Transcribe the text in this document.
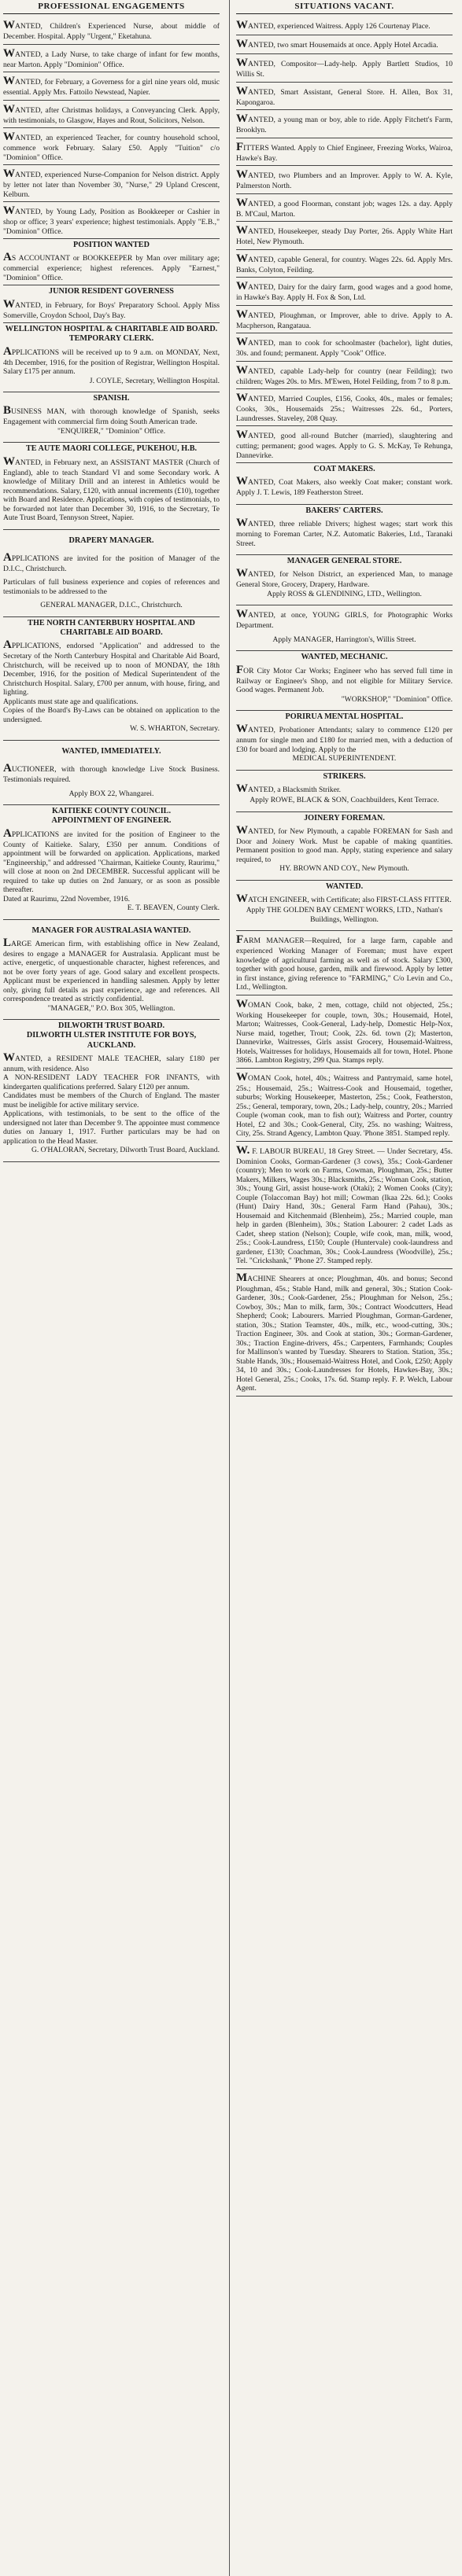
PROFESSIONAL ENGAGEMENTS

WANTED, Children's Experienced Nurse, about middle of December. Hospital. Apply "Urgent," Eketahuna.

WANTED, a Lady Nurse, to take charge of infant for few months, near Marton. Apply "Dominion" Office.

WANTED, for February, a Governess for a girl nine years old, music essential. Apply Mrs. Fattoilo Newstead, Napier.

WANTED, after Christmas holidays, a Conveyancing Clerk. Apply, with testimonials, to Glasgow, Hayes and Rout, Solicitors, Nelson.

WANTED, an experienced Teacher, for country household school, commence work February. Salary £50. Apply "Tuition" c/o "Dominion" Office.

WANTED, experienced Nurse-Companion for Nelson district. Apply by letter not later than November 30, "Nurse," 29 Upland Crescent, Kelburn.

WANTED, by Young Lady, Position as Bookkeeper or Cashier in shop or office; 3 years' experience; highest testimonials. Apply "E.B.," "Dominion" Office.

POSITION WANTED

AS ACCOUNTANT or BOOKKEEPER by Man over military age; commercial experience; highest references. Apply "Earnest," "Dominion" Office.

JUNIOR RESIDENT GOVERNESS

WANTED, in February, for Boys' Preparatory School. Apply Miss Somerville, Croydon School, Day's Bay.

WELLINGTON HOSPITAL & CHARITABLE AID BOARD.

TEMPORARY CLERK.

APPLICATIONS will be received up to 9 a.m. on MONDAY, Next, 4th December, 1916, for the position of Registrar, Wellington Hospital. Salary £175 per annum.

J. COYLE, Secretary, Wellington Hospital.

SPANISH.

BUSINESS MAN, with thorough knowledge of Spanish, seeks Engagement with commercial firm doing South American trade.

"ENQUIRER," "Dominion" Office.

TE AUTE MAORI COLLEGE, PUKEHOU, H.B.

WANTED, in February next, an ASSISTANT MASTER (Church of England), able to teach Standard VI and some Secondary work. A knowledge of Military Drill and an interest in Athletics would be recommendations. Salary, £120, with annual increments (£10), together with Board and Residence. Applications, with copies of testimonials, to be forwarded not later than December 30, 1916, to the Secretary, Te Aute Trust Board, Tennyson Street, Napier.

DRAPERY MANAGER.

APPLICATIONS are invited for the position of Manager of the D.I.C., Christchurch.

Particulars of full business experience and copies of references and testimonials to be addressed to the

GENERAL MANAGER, D.I.C., Christchurch.

THE NORTH CANTERBURY HOSPITAL AND CHARITABLE AID BOARD.

APPLICATIONS, endorsed "Application" and addressed to the Secretary of the North Canterbury Hospital and Charitable Aid Board, Christchurch, will be received up to noon of MONDAY, the 18th December, 1916, for the position of Medical Superintendent of the Christchurch Hospital. Salary, £700 per annum, with house, firing, and lighting.

Applicants must state age and qualifications.

Copies of the Board's By-Laws can be obtained on application to the undersigned.

W. S. WHARTON, Secretary.

WANTED, IMMEDIATELY.

AUCTIONEER, with thorough knowledge Live Stock Business. Testimonials required.

Apply BOX 22, Whangarei.

KAITIEKE COUNTY COUNCIL.

APPOINTMENT OF ENGINEER.

APPLICATIONS are invited for the position of Engineer to the County of Kaitieke. Salary, £350 per annum. Conditions of appointment will be forwarded on application. Applications, marked "Engineership," and addressed "Chairman, Kaitieke County, Raurimu," will close at noon on 2nd DECEMBER. Successful applicant will be required to take up duties on 2nd January, or as soon as possible thereafter.

Dated at Raurimu, 22nd November, 1916.

E. T. BEAVEN, County Clerk.

MANAGER FOR AUSTRALASIA WANTED.

LARGE American firm, with establishing office in New Zealand, desires to engage a MANAGER for Australasia. Applicant must be active, energetic, of unquestionable character, highest references, and not be over forty years of age. Good salary and excellent prospects. Applicant must be experienced in handling salesmen. Apply by letter only, giving full details as past experience, age and references. All correspondence treated as strictly confidential.

"MANAGER," P.O. Box 305, Wellington.

DILWORTH TRUST BOARD.

DILWORTH ULSTER INSTITUTE FOR BOYS, AUCKLAND.

WANTED, a RESIDENT MALE TEACHER, salary £180 per annum, with residence. Also

A NON-RESIDENT LADY TEACHER FOR INFANTS, with kindergarten qualifications preferred. Salary £120 per annum.

Candidates must be members of the Church of England. The master must be ineligible for active military service.

Applications, with testimonials, to be sent to the office of the undersigned not later than December 9. The appointee must commence duties on January 1, 1917. Further particulars may be had on application to the Head Master.

G. O'HALORAN, Secretary, Dilworth Trust Board, Auckland.

SITUATIONS VACANT.

WANTED, experienced Waitress. Apply 126 Courtenay Place.

WANTED, two smart Housemaids at once. Apply Hotel Arcadia.

WANTED, Compositor—Lady-help. Apply Bartlett Studios, 10 Willis St.

WANTED, Smart Assistant, General Store. H. Allen, Box 31, Kapongaroa.

WANTED, a young man or boy, able to ride. Apply Fitchett's Farm, Brooklyn.

FITTERS Wanted. Apply to Chief Engineer, Freezing Works, Wairoa, Hawke's Bay.

WANTED, two Plumbers and an Improver. Apply to W. A. Kyle, Palmerston North.

WANTED, a good Floorman, constant job; wages 12s. a day. Apply B. M'Caul, Marton.

WANTED, Housekeeper, steady Day Porter, 26s. Apply White Hart Hotel, New Plymouth.

WANTED, capable General, for country. Wages 22s. 6d. Apply Mrs. Banks, Colyton, Feilding.

WANTED, Dairy for the dairy farm, good wages and a good home, in Hawke's Bay. Apply H. Fox & Son, Ltd.

WANTED, Ploughman, or Improver, able to drive. Apply to A. Macpherson, Rangataua.

WANTED, man to cook for schoolmaster (bachelor), light duties, 30s. and found; permanent. Apply "Cook" Office.

WANTED, capable Lady-help for country (near Feilding); two children; Wages 20s. to Mrs. M'Ewen, Hotel Feilding, from 7 to 8 p.m.

WANTED, Married Couples, £156, Cooks, 40s., males or females; Cooks, 30s., Housemaids 25s.; Waitresses 22s. 6d., Porters, Laundresses. Staveley, 208 Quay.

WANTED, good all-round Butcher (married), slaughtering and cutting; permanent; good wages. Apply to G. S. McKay, Te Rehunga, Dannevirke.

COAT MAKERS.

WANTED, Coat Makers, also weekly Coat maker; constant work. Apply J. T. Lewis, 189 Featherston Street.

BAKERS' CARTERS.

WANTED, three reliable Drivers; highest wages; start work this morning to Foreman Carter, N.Z. Automatic Bakeries, Ltd., Taranaki Street.

MANAGER GENERAL STORE.

WANTED, for Nelson District, an experienced Man, to manage General Store, Grocery, Drapery, Hardware.

Apply ROSS & GLENDINING, LTD., Wellington.

WANTED, at once, YOUNG GIRLS, for Photographic Works Department.

Apply MANAGER, Harrington's, Willis Street.

WANTED, MECHANIC.

FOR City Motor Car Works; Engineer who has served full time in Railway or Engineer's Shop, and not eligible for Military Service. Good wages. Permanent Job.

"WORKSHOP," "Dominion" Office.

PORIRUA MENTAL HOSPITAL.

WANTED, Probationer Attendants; salary to commence £120 per annum for single men and £180 for married men, with a deduction of £30 for board and lodging. Apply to the

MEDICAL SUPERINTENDENT.

STRIKERS.

WANTED, a Blacksmith Striker.

Apply ROWE, BLACK & SON, Coachbuilders, Kent Terrace.

JOINERY FOREMAN.

WANTED, for New Plymouth, a capable FOREMAN for Sash and Door and Joinery Work. Must be capable of making quantities. Permanent position to good man. Apply, stating experience and salary required, to

HY. BROWN AND COY., New Plymouth.

WANTED.

WATCH ENGINEER, with Certificate; also FIRST-CLASS FITTER.

Apply THE GOLDEN BAY CEMENT WORKS, LTD., Nathan's Buildings, Wellington.

FARM MANAGER—Required, for a large farm, capable and experienced Working Manager of Foreman; must have expert knowledge of agricultural farming as well as of stock. Salary £300, together with good house, garden, milk and firewood. Apply by letter in first instance, giving reference to "FARMING," C/o Levin and Co., Ltd., Wellington.

WOMAN Cook, bake, 2 men, cottage, child not objected, 25s.; Working Housekeeper for couple, town, 30s.; Housemaid, Hotel, Marton; Waitresses, Cook-General, Lady-help, Domestic Help-Nox, Nurse maid, together, Trout; Cook, 22s. 6d. town (2); Masterton, Dannevirke, Waitresses, Girls assist Grocery, Housemaid-Waitress, Hotels, Waitresses for holidays, Housemaids all for town, Hotel. Phone 3866. Lambton Registry, 299 Qua. Stamps reply.

WOMAN Cook, hotel, 40s.; Waitress and Pantrymaid, same hotel, 25s.; Housemaid, 25s.; Waitress-Cook and Housemaid, together, suburbs; Working Housekeeper, Masterton, 25s.; Cook, Featherston, 25s.; General, temporary, town, 20s.; Lady-help, country, 20s.; Married Couple (woman cook, man to fish out); Waitress and Porter, country Hotel, £2 and 30s.; Cook-General, City, 25s. no washing; Waitress, City, 25s. Strand Agency, Lambton Quay. 'Phone 3851. Stamped reply.

W. F. LABOUR BUREAU, 18 Grey Street. — Under Secretary, 45s. Dominion Cooks, Gorman-Gardener (3 cows), 35s.; Cook-Gardener (country); Men to work on Farms, Cowman, Ploughman, 25s.; Butter Makers, Milkers, Wages 30s.; Blacksmiths, 25s.; Woman Cook, station, 30s.; Young Girl, assist house-work (Otaki); 2 Women Cooks (City); Couple (Tolaccoman Bay) hot mill; Cowman (Ikaa 22s. 6d.); Cooks (Hunt) Dairy Hand, 30s.; General Farm Hand (Pahau), 30s.; Housemaid and Kitchenmaid (Blenheim), 25s.; Married couple, man help in garden (Blenheim), 30s.; Station Labourer: 2 cadet Lads as Cadet, sheep station (Nelson); Couple, wife cook, man, milk, wood, 25s.; Cook-Laundress, £150; Couple (Huntervale) cook-laundress and gardener, £130; Coachman, 30s.; Cook-Laundress (Woodville), 25s.; Tel. "Crickshank," 'Phone 27. Stamped reply.

MACHINE Shearers at once; Ploughman, 40s. and bonus; Second Ploughman, 45s.; Stable Hand, milk and general, 30s.; Station Cook-Gardener, 30s.; Cook-Gardener, 25s.; Ploughman for Nelson, 25s.; Cowboy, 30s.; Man to milk, farm, 30s.; Contract Woodcutters, Head Shepherd; Cook; Labourers. Married Ploughman, Gorman-Gardener, station, 30s.; Station Teamster, 40s., milk, etc., wood-cutting, 30s.; Traction Engineer, 30s. and Cook at station, 30s.; Gorman-Gardener, 30s.; Traction Engine-drivers, 45s.; Carpenters, Farmhands; Couples for Mallinson's wanted by Tuesday. Shearers to Station. Station, 35s.; Stable Hands, 30s.; Housemaid-Waitress Hotel, and Cook, £250; Apply 34, 10 and 30s.; Cook-Laundresses for Hotels, Hawkes-Bay, 30s.; Hotel General, 25s.; Cooks, 17s. 6d. Stamp reply. F. P. Welch, Labour Agent.
